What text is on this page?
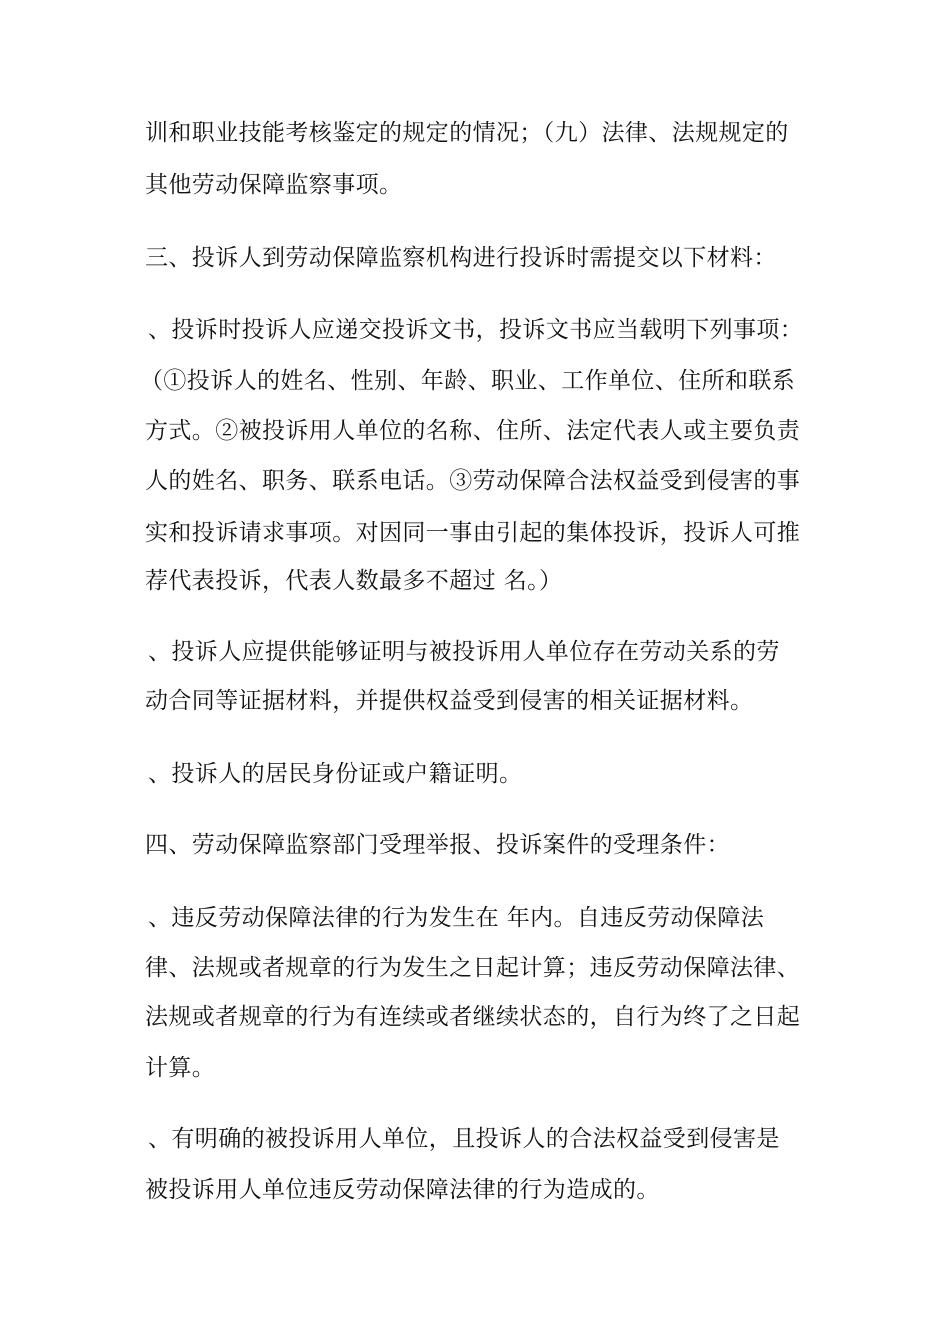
训和职业技能考核鉴定的规定的情况；（九）法律、法规规定的
其他劳动保障监察事项。
三、投诉人到劳动保障监察机构进行投诉时需提交以下材料：
、投诉时投诉人应递交投诉文书，投诉文书应当载明下列事项：
（①投诉人的姓名、性别、年龄、职业、工作单位、住所和联系
方式。②被投诉用人单位的名称、住所、法定代表人或主要负责
人的姓名、职务、联系电话。③劳动保障合法权益受到侵害的事
实和投诉请求事项。对因同一事由引起的集体投诉，投诉人可推
荐代表投诉，代表人数最多不超过 名。）
、投诉人应提供能够证明与被投诉用人单位存在劳动关系的劳
动合同等证据材料，并提供权益受到侵害的相关证据材料。
、投诉人的居民身份证或户籍证明。
四、劳动保障监察部门受理举报、投诉案件的受理条件：
、违反劳动保障法律的行为发生在 年内。自违反劳动保障法
律、法规或者规章的行为发生之日起计算；违反劳动保障法律、
法规或者规章的行为有连续或者继续状态的，自行为终了之日起
计算。
、有明确的被投诉用人单位，且投诉人的合法权益受到侵害是
被投诉用人单位违反劳动保障法律的行为造成的。
